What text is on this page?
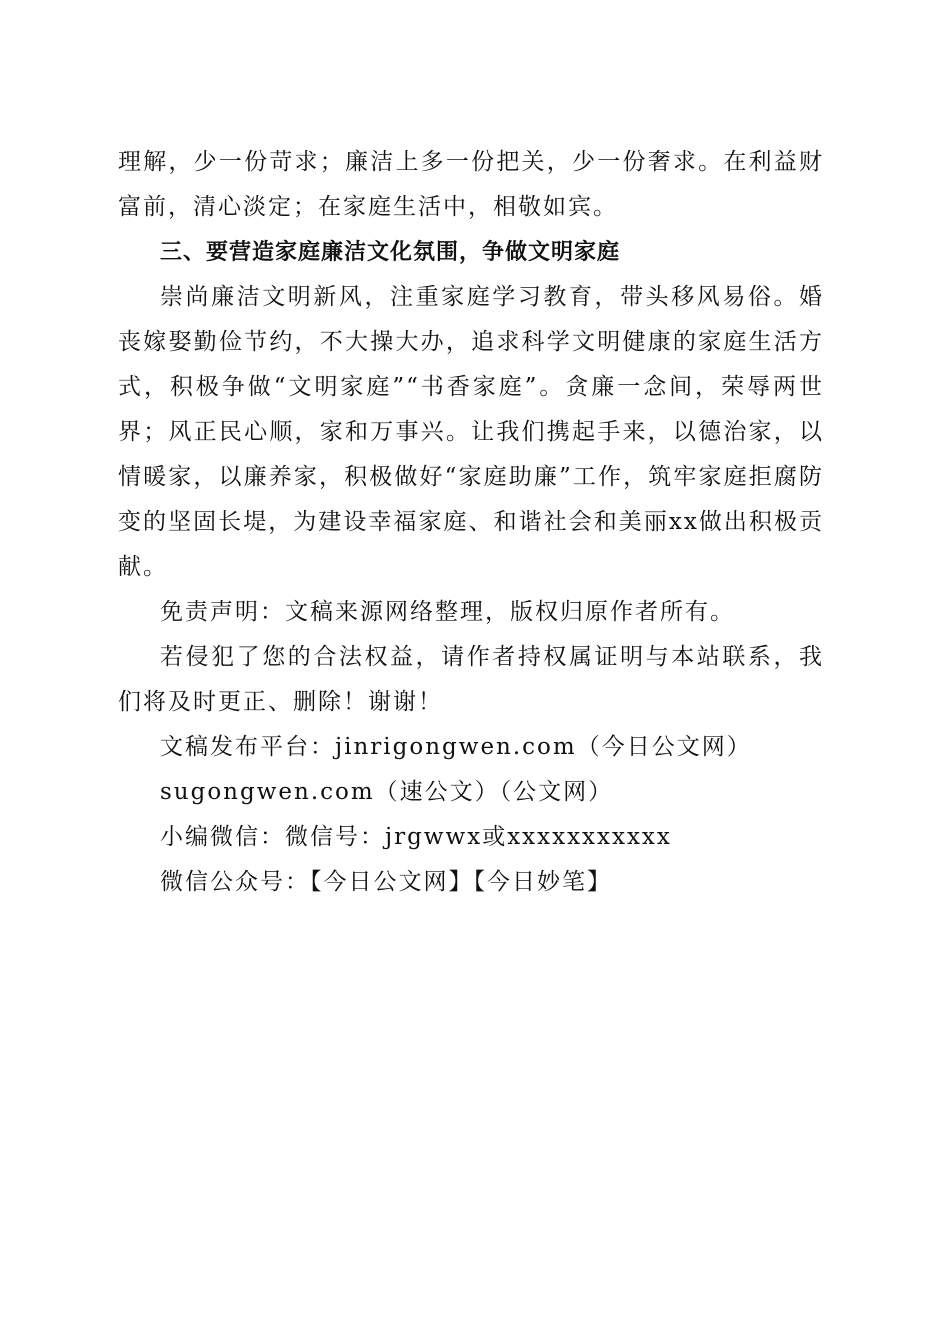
理解，少一份苛求；廉洁上多一份把关，少一份奢求。在利益财富前，清心淡定；在家庭生活中，相敬如宾。

三、要营造家庭廉洁文化氛围，争做文明家庭

崇尚廉洁文明新风，注重家庭学习教育，带头移风易俗。婚丧嫁娶勤俭节约，不大操大办，追求科学文明健康的家庭生活方式，积极争做“文明家庭”“书香家庭”。贪廉一念间，荣辱两世界；风正民心顺，家和万事兴。让我们携起手来，以德治家，以情暖家，以廉养家，积极做好“家庭助廉”工作，筑牢家庭拒腐防变的坚固长堤，为建设幸福家庭、和谐社会和美丽xx做出积极贡献。

免责声明：文稿来源网络整理，版权归原作者所有。

若侵犯了您的合法权益，请作者持权属证明与本站联系，我们将及时更正、删除！谢谢！

文稿发布平台：jinrigongwen.com（今日公文网）

sugongwen.com（速公文）（公文网）

小编微信：微信号：jrgwwx或xxxxxxxxxxx

微信公众号：【今日公文网】【今日妙笔】
